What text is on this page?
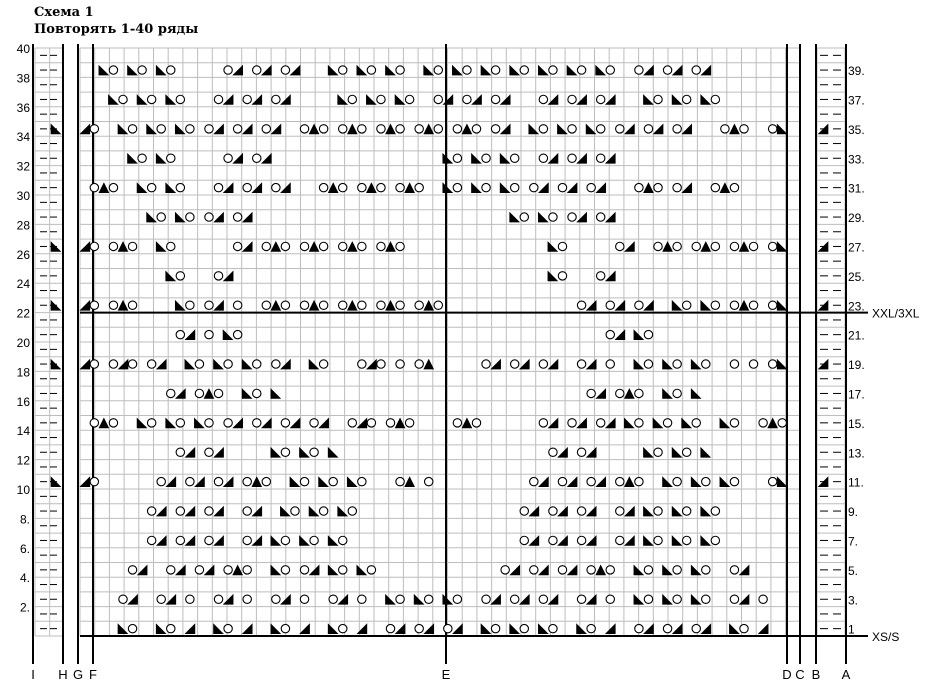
Схема 1
Повторять 1-40 ряды
2.
4.
6.
8.
10
12
14
16
18
20
22
24
26
28
30
32
34
36
38
40
1
3.
5.
7.
9.
11.
13.
15.
17.
19.
21.
23.
25.
27.
29.
31.
33.
35.
37.
39.
XS/S
XXL/3XL
I H G F	E	D C B A
